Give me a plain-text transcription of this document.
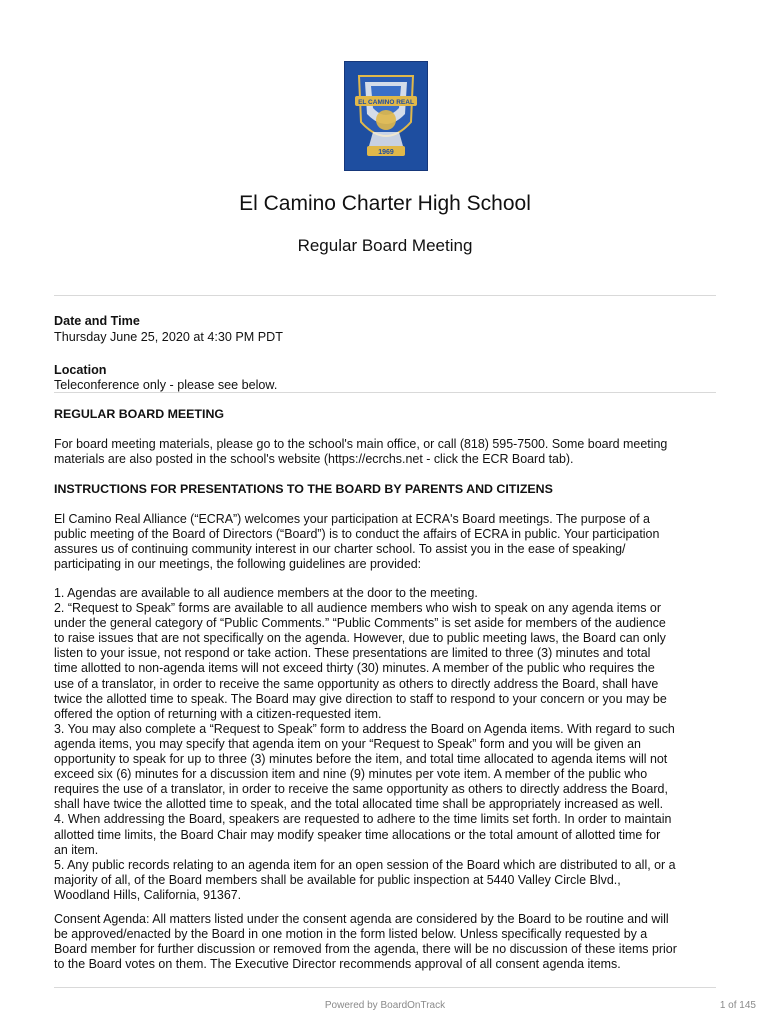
EL CAMINO REAL
1969
El Camino Charter High School
Regular Board Meeting
Date and Time
Thursday June 25, 2020 at 4:30 PM PDT
Location
Teleconference only - please see below.
REGULAR BOARD MEETING
For board meeting materials, please go to the school's main office, or call (818) 595-7500. Some board meeting
materials are also posted in the school's website (https://ecrchs.net - click the ECR Board tab).
INSTRUCTIONS FOR PRESENTATIONS TO THE BOARD BY PARENTS AND CITIZENS
El Camino Real Alliance (“ECRA”) welcomes your participation at ECRA's Board meetings. The purpose of a
public meeting of the Board of Directors (“Board”) is to conduct the affairs of ECRA in public. Your participation
assures us of continuing community interest in our charter school. To assist you in the ease of speaking/
participating in our meetings, the following guidelines are provided:
1. Agendas are available to all audience members at the door to the meeting.
2. “Request to Speak” forms are available to all audience members who wish to speak on any agenda items or
under the general category of “Public Comments.” “Public Comments” is set aside for members of the audience
to raise issues that are not specifically on the agenda. However, due to public meeting laws, the Board can only
listen to your issue, not respond or take action. These presentations are limited to three (3) minutes and total
time allotted to non-agenda items will not exceed thirty (30) minutes. A member of the public who requires the
use of a translator, in order to receive the same opportunity as others to directly address the Board, shall have
twice the allotted time to speak. The Board may give direction to staff to respond to your concern or you may be
offered the option of returning with a citizen-requested item.
3. You may also complete a “Request to Speak” form to address the Board on Agenda items. With regard to such
agenda items, you may specify that agenda item on your “Request to Speak” form and you will be given an
opportunity to speak for up to three (3) minutes before the item, and total time allocated to agenda items will not
exceed six (6) minutes for a discussion item and nine (9) minutes per vote item. A member of the public who
requires the use of a translator, in order to receive the same opportunity as others to directly address the Board,
shall have twice the allotted time to speak, and the total allocated time shall be appropriately increased as well.
4. When addressing the Board, speakers are requested to adhere to the time limits set forth. In order to maintain
allotted time limits, the Board Chair may modify speaker time allocations or the total amount of allotted time for
an item.
5. Any public records relating to an agenda item for an open session of the Board which are distributed to all, or a
majority of all, of the Board members shall be available for public inspection at 5440 Valley Circle Blvd.,
Woodland Hills, California, 91367.
Consent Agenda: All matters listed under the consent agenda are considered by the Board to be routine and will
be approved/enacted by the Board in one motion in the form listed below. Unless specifically requested by a
Board member for further discussion or removed from the agenda, there will be no discussion of these items prior
to the Board votes on them. The Executive Director recommends approval of all consent agenda items.
Powered by BoardOnTrack	1 of 145
